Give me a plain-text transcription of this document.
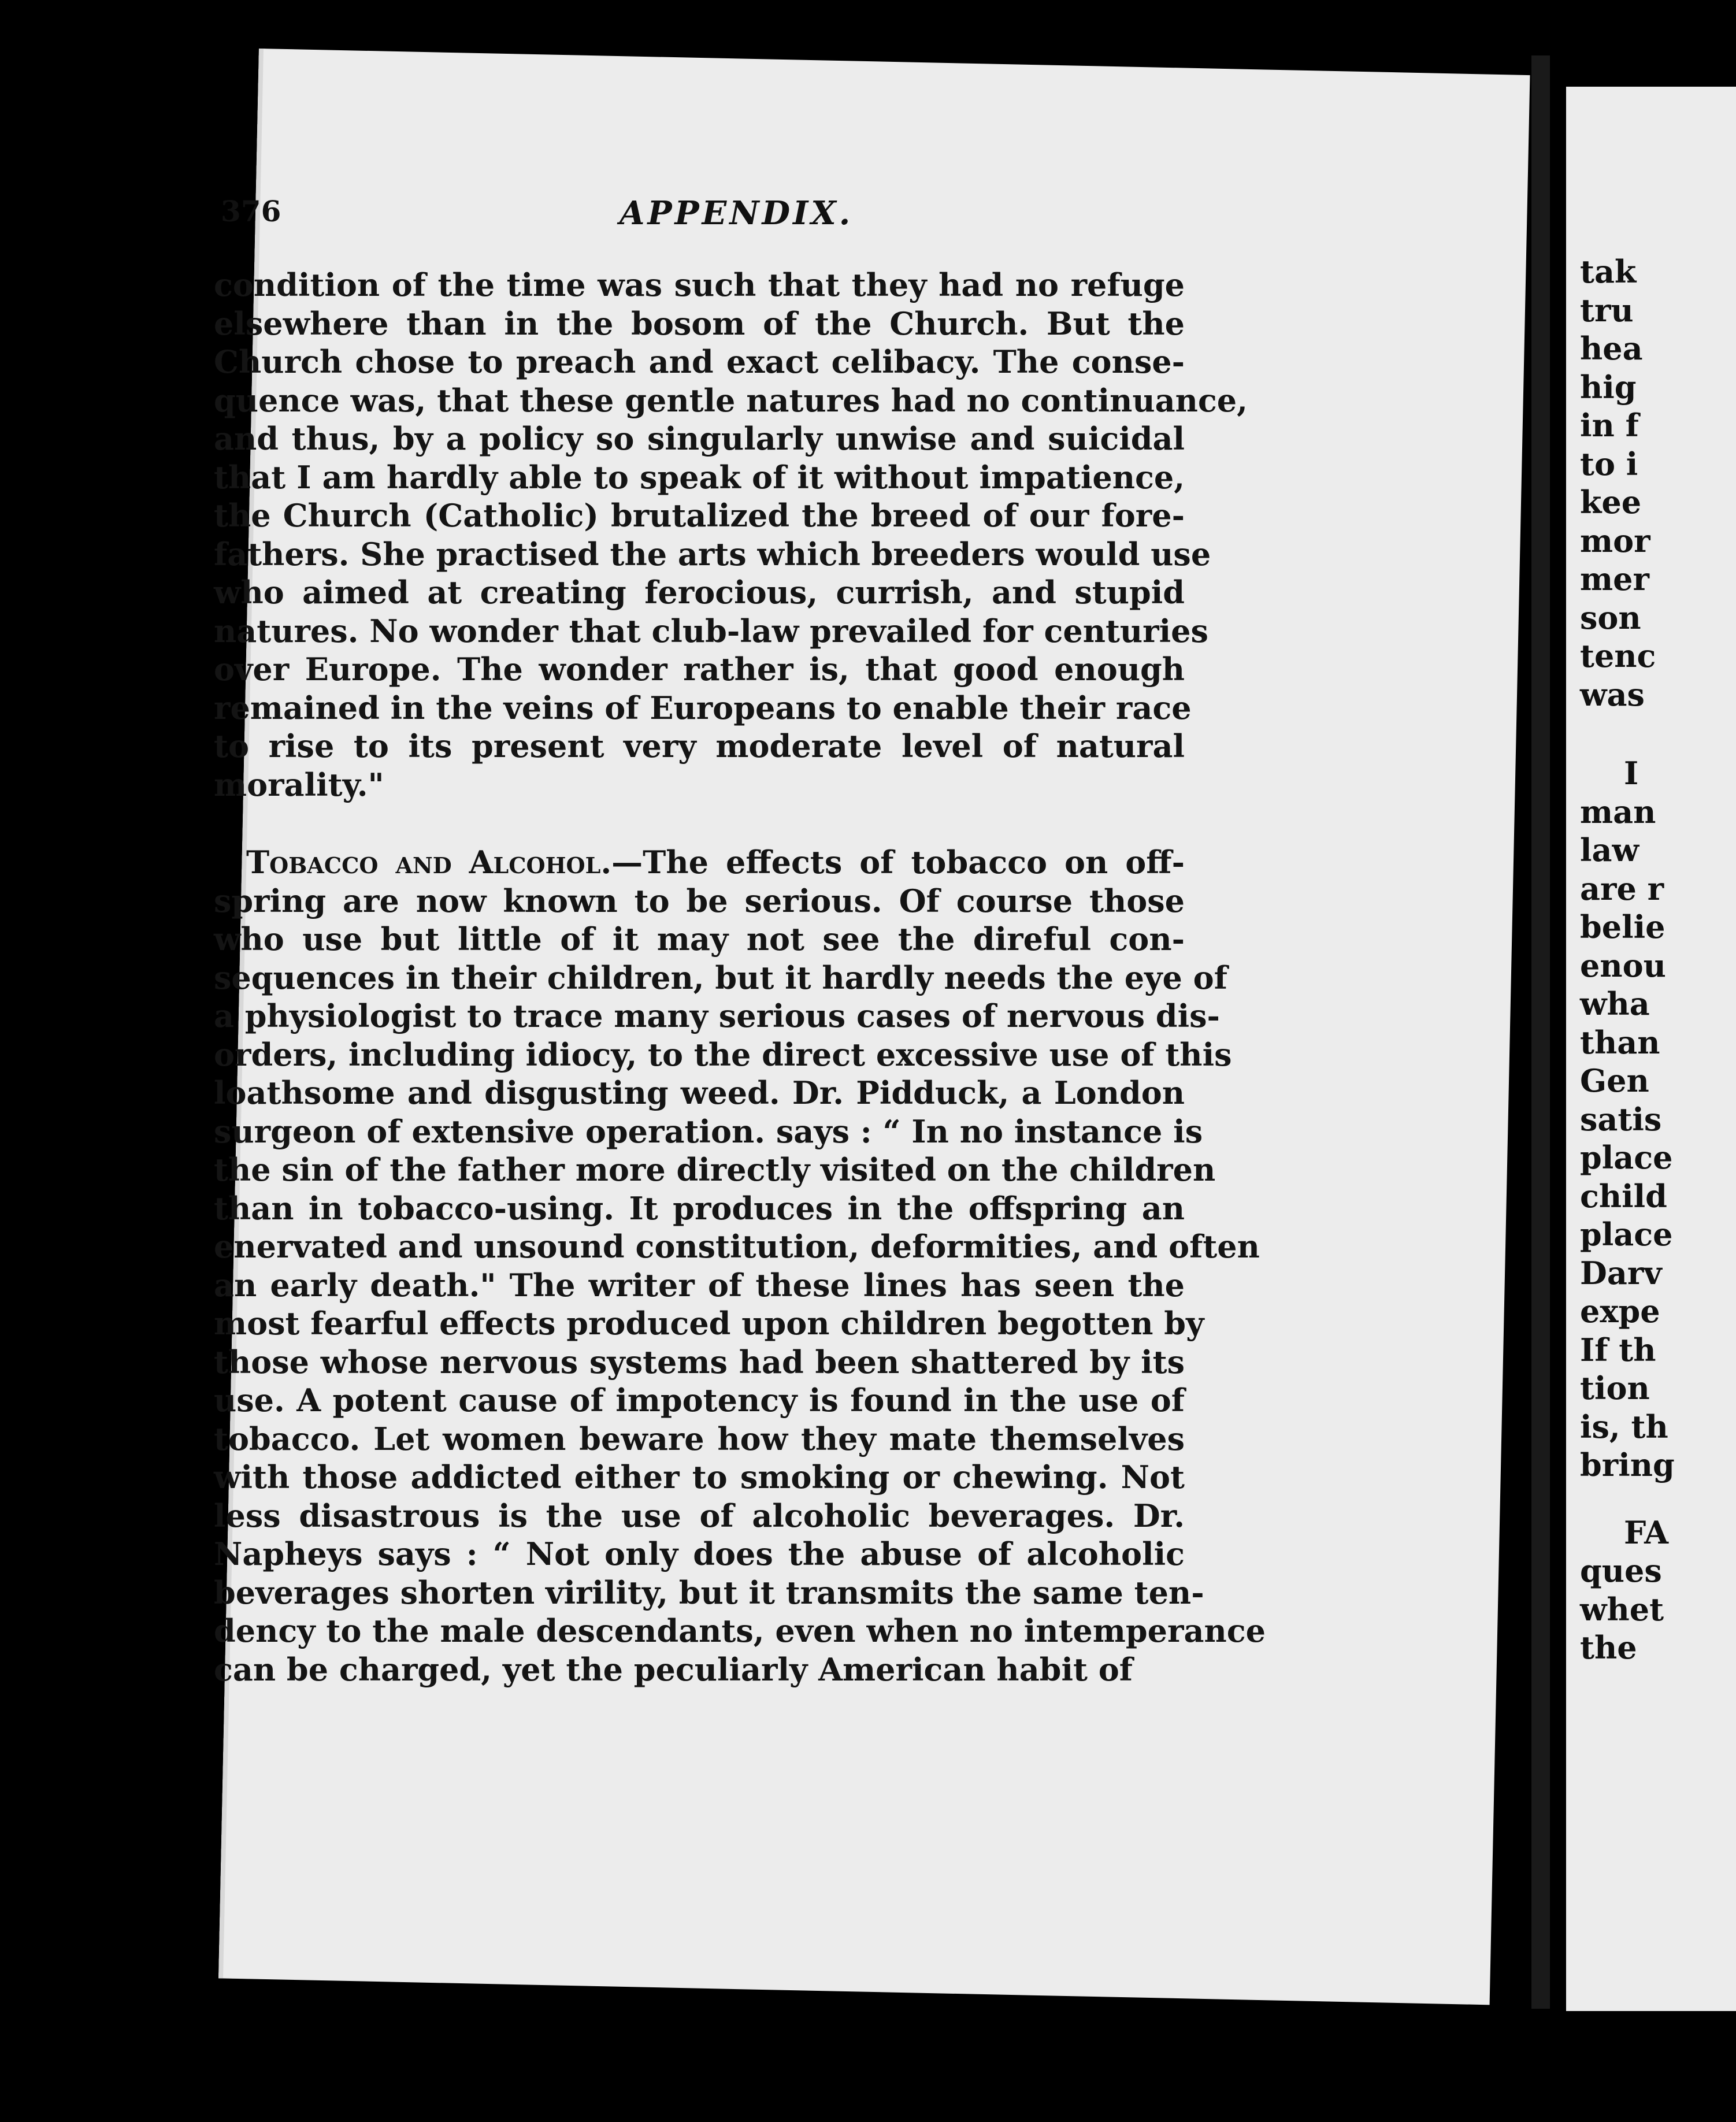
376	APPENDIX.
condition of the time was such that they had no refuge
elsewhere than in the bosom of the Church. But the
Church chose to preach and exact celibacy. The conse-
quence was, that these gentle natures had no continuance,
and thus, by a policy so singularly unwise and suicidal
that I am hardly able to speak of it without impatience,
the Church (Catholic) brutalized the breed of our fore-
fathers. She practised the arts which breeders would use
who aimed at creating ferocious, currish, and stupid
natures. No wonder that club-law prevailed for centuries
over Europe. The wonder rather is, that good enough
remained in the veins of Europeans to enable their race
to rise to its present very moderate level of natural
morality."
Tobacco and Alcohol.—The effects of tobacco on off-
spring are now known to be serious. Of course those
who use but little of it may not see the direful con-
sequences in their children, but it hardly needs the eye of
a physiologist to trace many serious cases of nervous dis-
orders, including idiocy, to the direct excessive use of this
loathsome and disgusting weed. Dr. Pidduck, a London
surgeon of extensive operation. says : “ In no instance is
the sin of the father more directly visited on the children
than in tobacco-using. It produces in the offspring an
enervated and unsound constitution, deformities, and often
an early death." The writer of these lines has seen the
most fearful effects produced upon children begotten by
those whose nervous systems had been shattered by its
use. A potent cause of impotency is found in the use of
tobacco. Let women beware how they mate themselves
with those addicted either to smoking or chewing. Not
less disastrous is the use of alcoholic beverages. Dr.
Napheys says : “ Not only does the abuse of alcoholic
beverages shorten virility, but it transmits the same ten-
dency to the male descendants, even when no intemperance
can be charged, yet the peculiarly American habit of
tak
tru
hea
hig
in f
to i
kee
mor
mer
son
tenc
was
I
man
law
are r
belie
enou
wha
than
Gen
satis
place
child
place
Darv
expe
If th
tion
is, th
bring
FA
ques
whet
the
